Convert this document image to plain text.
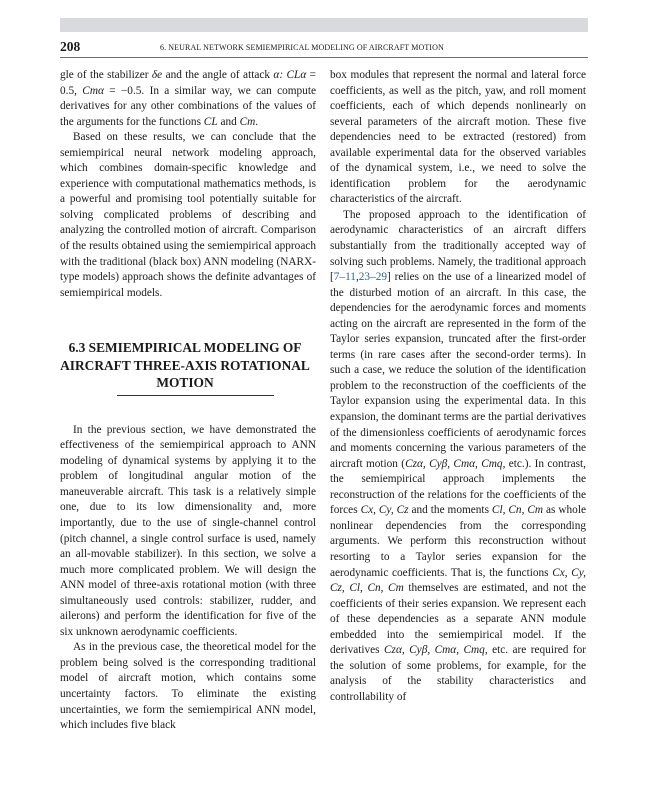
208	6. NEURAL NETWORK SEMIEMPIRICAL MODELING OF AIRCRAFT MOTION

gle of the stabilizer δe and the angle of attack α: CLα = 0.5, Cmα = −0.5. In a similar way, we can compute derivatives for any other combinations of the values of the arguments for the functions CL and Cm.

Based on these results, we can conclude that the semiempirical neural network modeling approach, which combines domain-specific knowledge and experience with computational mathematics methods, is a powerful and promising tool potentially suitable for solving complicated problems of describing and analyzing the controlled motion of aircraft. Comparison of the results obtained using the semiempirical approach with the traditional (black box) ANN modeling (NARX-type models) approach shows the definite advantages of semiempirical models.

6.3 SEMIEMPIRICAL MODELING OF AIRCRAFT THREE-AXIS ROTATIONAL MOTION

In the previous section, we have demonstrated the effectiveness of the semiempirical approach to ANN modeling of dynamical systems by applying it to the problem of longitudinal angular motion of the maneuverable aircraft. This task is a relatively simple one, due to its low dimensionality and, more importantly, due to the use of single-channel control (pitch channel, a single control surface is used, namely an all-movable stabilizer). In this section, we solve a much more complicated problem. We will design the ANN model of three-axis rotational motion (with three simultaneously used controls: stabilizer, rudder, and ailerons) and perform the identification for five of the six unknown aerodynamic coefficients.

As in the previous case, the theoretical model for the problem being solved is the corresponding traditional model of aircraft motion, which contains some uncertainty factors. To eliminate the existing uncertainties, we form the semiempirical ANN model, which includes five black

box modules that represent the normal and lateral force coefficients, as well as the pitch, yaw, and roll moment coefficients, each of which depends nonlinearly on several parameters of the aircraft motion. These five dependencies need to be extracted (restored) from available experimental data for the observed variables of the dynamical system, i.e., we need to solve the identification problem for the aerodynamic characteristics of the aircraft.

The proposed approach to the identification of aerodynamic characteristics of an aircraft differs substantially from the traditionally accepted way of solving such problems. Namely, the traditional approach [7–11,23–29] relies on the use of a linearized model of the disturbed motion of an aircraft. In this case, the dependencies for the aerodynamic forces and moments acting on the aircraft are represented in the form of the Taylor series expansion, truncated after the first-order terms (in rare cases after the second-order terms). In such a case, we reduce the solution of the identification problem to the reconstruction of the coefficients of the Taylor expansion using the experimental data. In this expansion, the dominant terms are the partial derivatives of the dimensionless coefficients of aerodynamic forces and moments concerning the various parameters of the aircraft motion (Czα, Cyβ, Cmα, Cmq, etc.). In contrast, the semiempirical approach implements the reconstruction of the relations for the coefficients of the forces Cx, Cy, Cz and the moments Cl, Cn, Cm as whole nonlinear dependencies from the corresponding arguments. We perform this reconstruction without resorting to a Taylor series expansion for the aerodynamic coefficients. That is, the functions Cx, Cy, Cz, Cl, Cn, Cm themselves are estimated, and not the coefficients of their series expansion. We represent each of these dependencies as a separate ANN module embedded into the semiempirical model. If the derivatives Czα, Cyβ, Cmα, Cmq, etc. are required for the solution of some problems, for example, for the analysis of the stability characteristics and controllability of
